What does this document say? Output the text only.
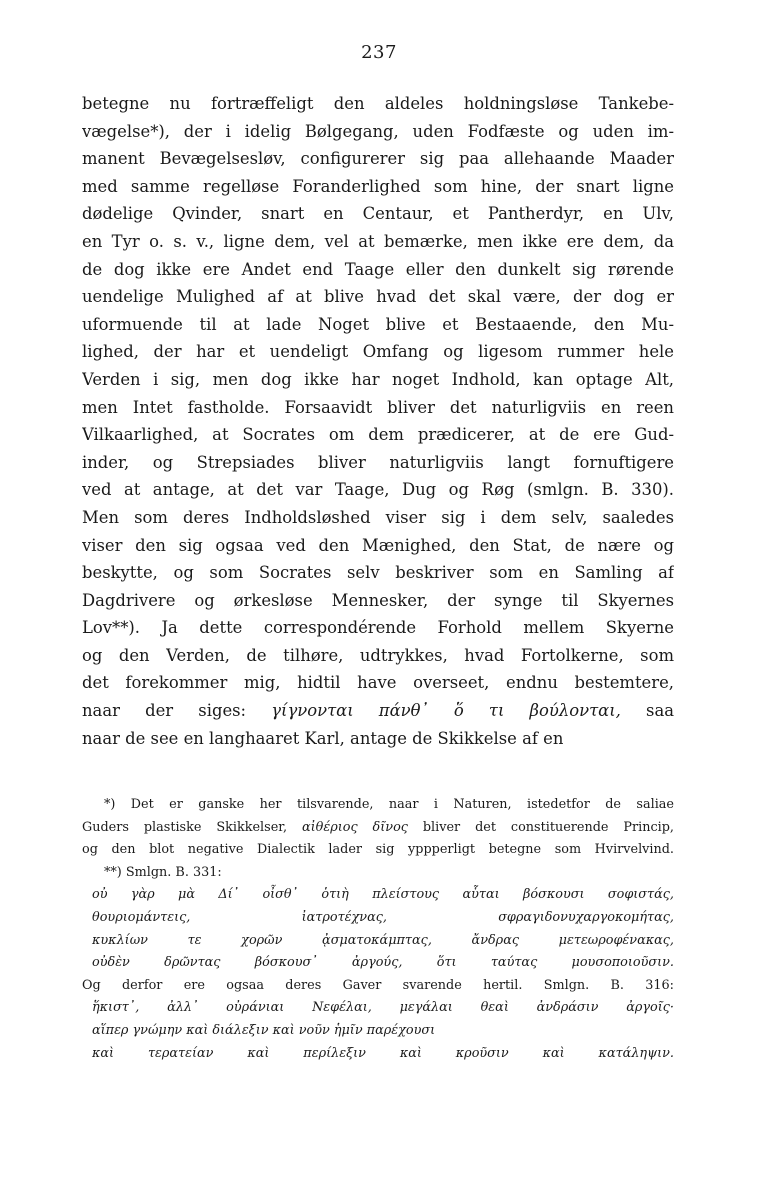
237
betegne nu fortræffeligt den aldeles holdningsløse Tankebe-
vægelse*), der i idelig Bølgegang, uden Fodfæste og uden im-
manent Bevægelsesløv, configurerer sig paa allehaande Maader
med samme regelløse Foranderlighed som hine, der snart ligne
dødelige Qvinder, snart en Centaur, et Pantherdyr, en Ulv,
en Tyr o. s. v., ligne dem, vel at bemærke, men ikke ere dem, da
de dog ikke ere Andet end Taage eller den dunkelt sig rørende
uendelige Mulighed af at blive hvad det skal være, der dog er
uformuende til at lade Noget blive et Bestaaende, den Mu-
lighed, der har et uendeligt Omfang og ligesom rummer hele
Verden i sig, men dog ikke har noget Indhold, kan optage Alt,
men Intet fastholde. Forsaavidt bliver det naturligviis en reen
Vilkaarlighed, at Socrates om dem prædicerer, at de ere Gud-
inder, og Strepsiades bliver naturligviis langt fornuftigere
ved at antage, at det var Taage, Dug og Røg (smlgn. B. 330).
Men som deres Indholdsløshed viser sig i dem selv, saaledes
viser den sig ogsaa ved den Mænighed, den Stat, de nære og
beskytte, og som Socrates selv beskriver som en Samling af
Dagdrivere og ørkesløse Mennesker, der synge til Skyernes
Lov**). Ja dette correspondérende Forhold mellem Skyerne
og den Verden, de tilhøre, udtrykkes, hvad Fortolkerne, som
det forekommer mig, hidtil have overseet, endnu bestemtere,
naar der siges: γίγνονται πάνθ᾽ ὅ τι βούλονται, saa
naar de see en langhaaret Karl, antage de Skikkelse af en
*) Det er ganske her tilsvarende, naar i Naturen, istedetfor de saliae
Guders plastiske Skikkelser, αἰθέριος δῖνος bliver det constituerende Princip,
og den blot negative Dialectik lader sig yppperligt betegne som Hvirvelvind.
**) Smlgn. B. 331:
οὐ γὰρ μὰ Δί᾽ οἶσθ᾽ ὁτιὴ πλείστους αὗται βόσκουσι σοφιστάς,
θουριομάντεις, ἰατροτέχνας, σφραγιδονυχαργοκομήτας,
κυκλίων τε χορῶν ᾀσματοκάμπτας, ἄνδρας μετεωροφένακας,
οὐδὲν δρῶντας βόσκουσ᾽ ἀργούς, ὅτι ταύτας μουσοποιοῦσιν.
Og derfor ere ogsaa deres Gaver svarende hertil. Smlgn. B. 316:
ἥκιστ᾽, ἀλλ᾽ οὐράνιαι Νεφέλαι, μεγάλαι θεαὶ ἀνδράσιν ἀργοῖς·
αἵπερ γνώμην καὶ διάλεξιν καὶ νοῦν ἡμῖν παρέχουσι
καὶ τερατείαν καὶ περίλεξιν καὶ κροῦσιν καὶ κατάληψιν.
